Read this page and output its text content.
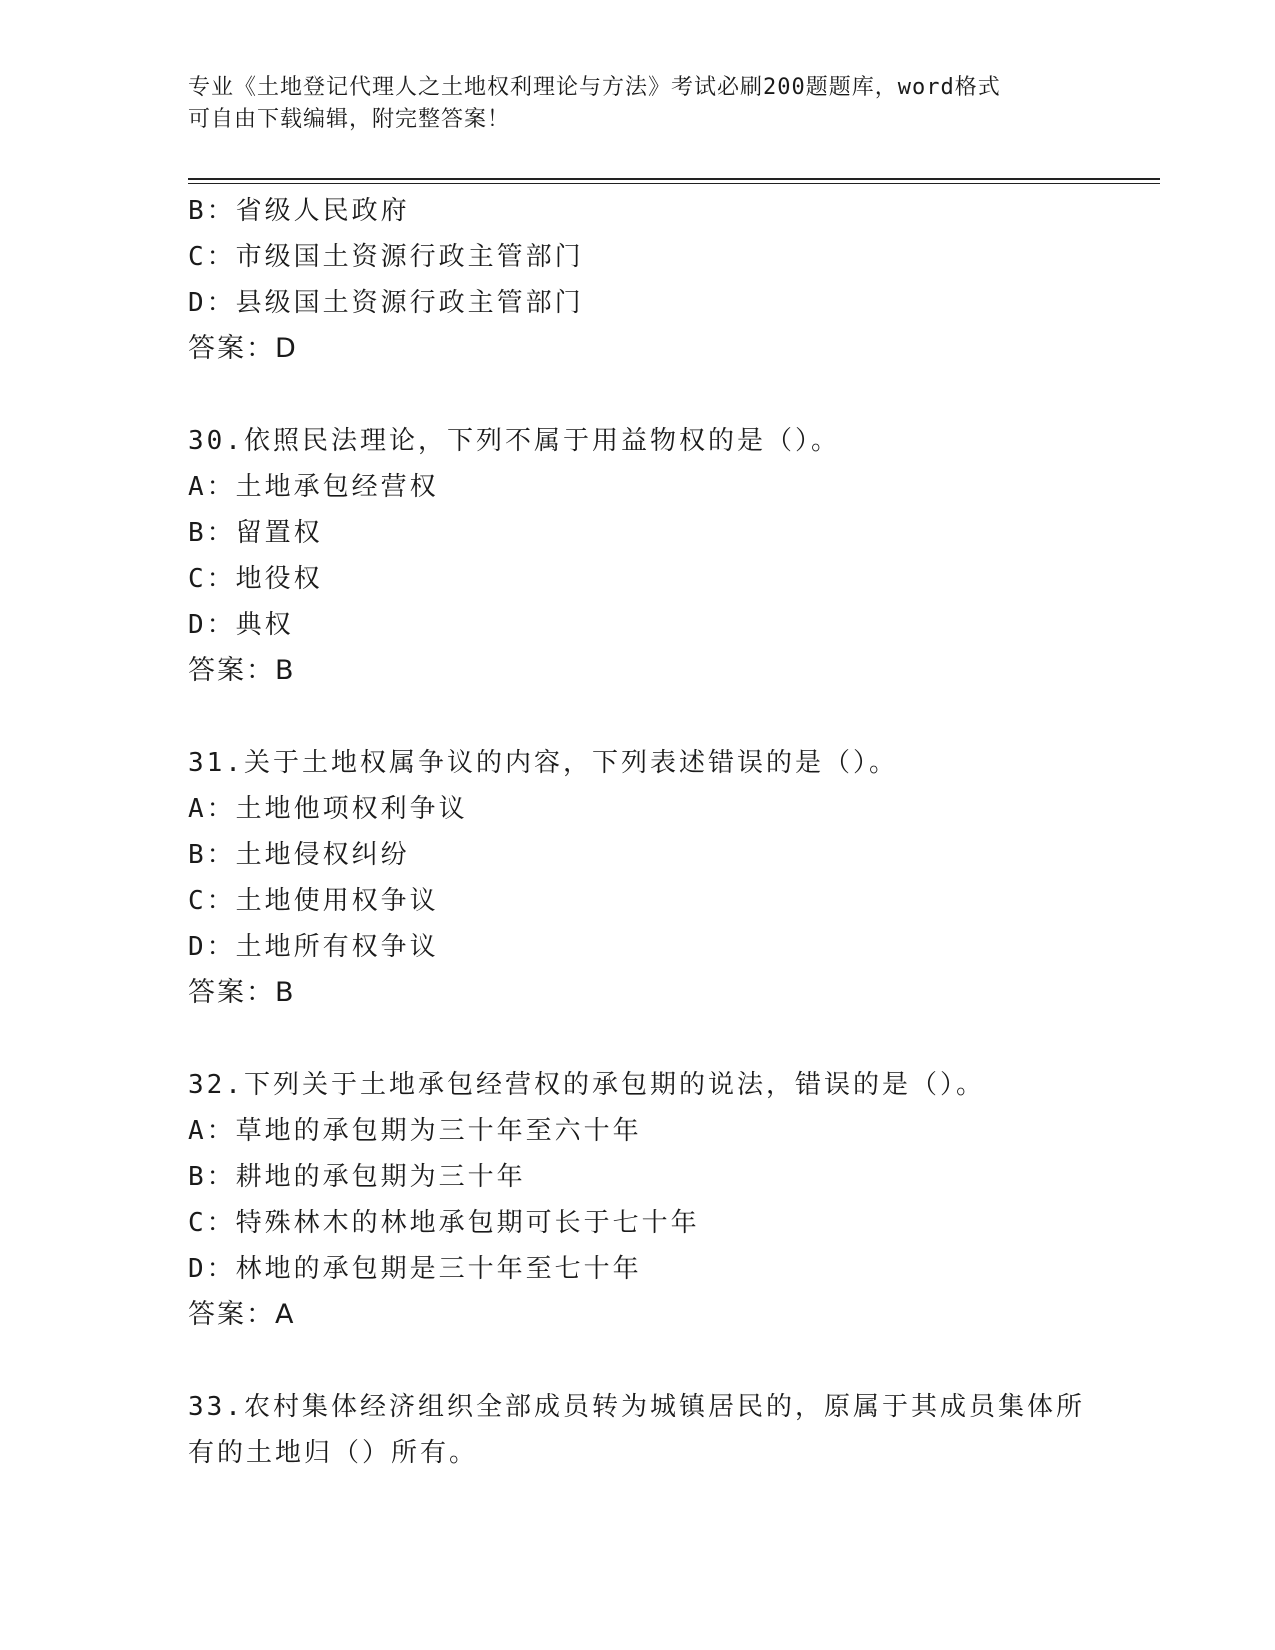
专业《土地登记代理人之土地权利理论与方法》考试必刷200题题库，word格式
可自由下载编辑，附完整答案！
B：省级人民政府
C：市级国土资源行政主管部门
D：县级国土资源行政主管部门
答案：D
30.依照民法理论，下列不属于用益物权的是（）。
A：土地承包经营权
B：留置权
C：地役权
D：典权
答案：B
31.关于土地权属争议的内容，下列表述错误的是（）。
A：土地他项权利争议
B：土地侵权纠纷
C：土地使用权争议
D：土地所有权争议
答案：B
32.下列关于土地承包经营权的承包期的说法，错误的是（）。
A：草地的承包期为三十年至六十年
B：耕地的承包期为三十年
C：特殊林木的林地承包期可长于七十年
D：林地的承包期是三十年至七十年
答案：A
33.农村集体经济组织全部成员转为城镇居民的，原属于其成员集体所
有的土地归（）所有。
